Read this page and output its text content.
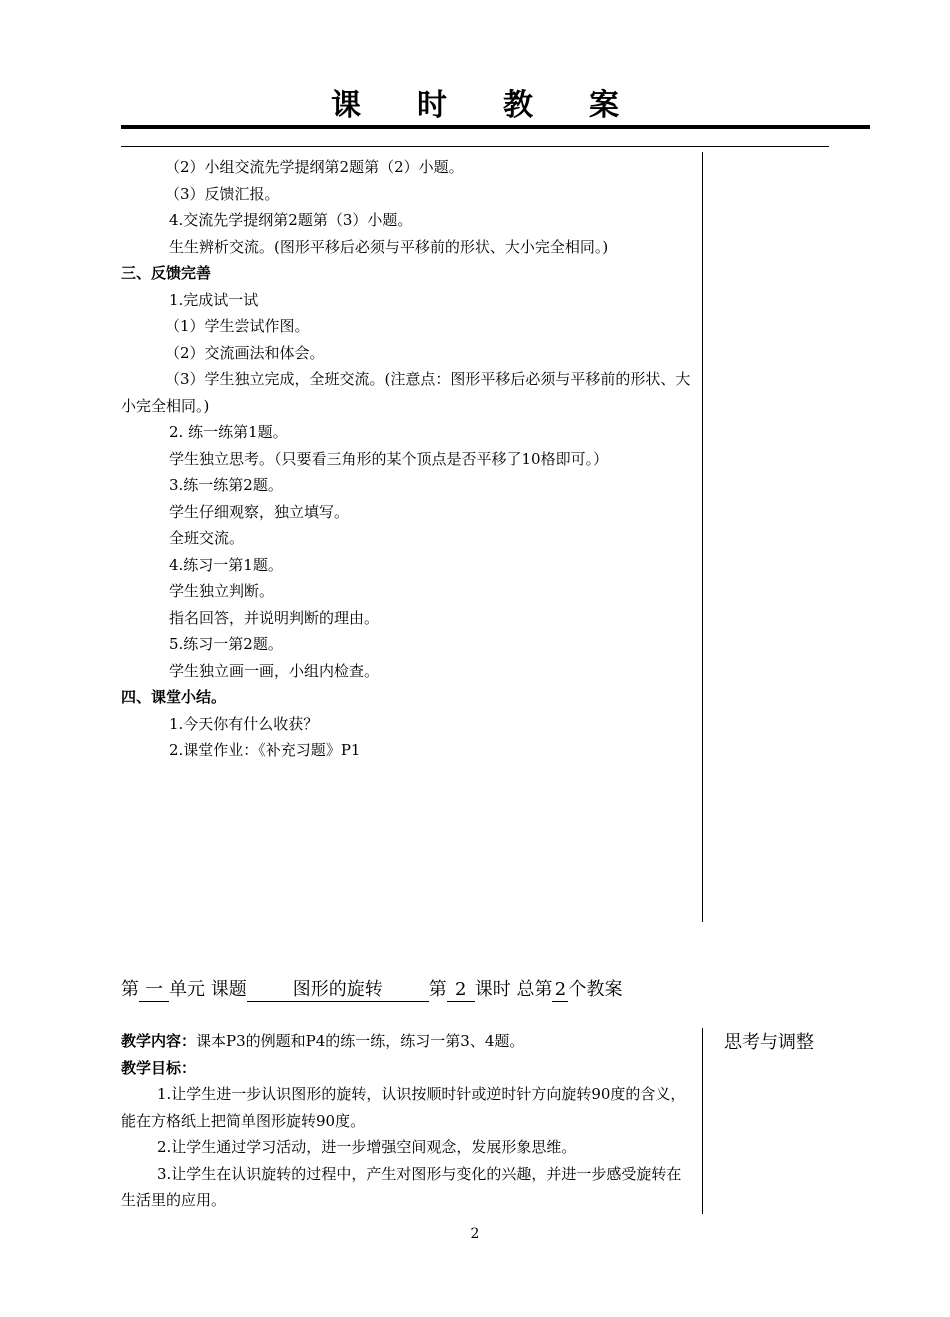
课时教案
（2）小组交流先学提纲第2题第（2）小题。
（3）反馈汇报。
4.交流先学提纲第2题第（3）小题。
生生辨析交流。(图形平移后必须与平移前的形状、大小完全相同。)
三、反馈完善
1.完成试一试
（1）学生尝试作图。
（2）交流画法和体会。
（3）学生独立完成，全班交流。(注意点：图形平移后必须与平移前的形状、大小完全相同。)
2. 练一练第1题。
学生独立思考。（只要看三角形的某个顶点是否平移了10格即可。）
3.练一练第2题。
学生仔细观察，独立填写。
全班交流。
4.练习一第1题。
学生独立判断。
指名回答，并说明判断的理由。
5.练习一第2题。
学生独立画一画，小组内检查。
四、课堂小结。
1.今天你有什么收获？
2.课堂作业：《补充习题》P1
第 一 单元 课题	图形的旋转	第 2 课时 总第 2 个教案
思考与调整
教学内容：课本P3的例题和P4的练一练，练习一第3、4题。
教学目标：
1.让学生进一步认识图形的旋转，认识按顺时针或逆时针方向旋转90度的含义，能在方格纸上把简单图形旋转90度。
2.让学生通过学习活动，进一步增强空间观念，发展形象思维。
3.让学生在认识旋转的过程中，产生对图形与变化的兴趣，并进一步感受旋转在生活里的应用。
2
